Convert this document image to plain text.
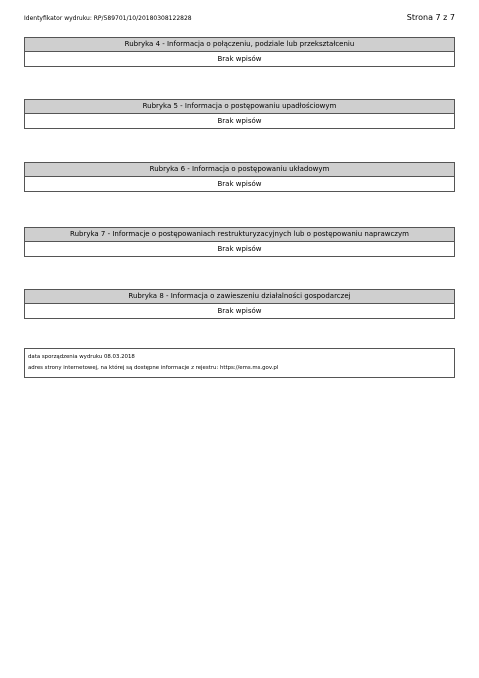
Identyfikator wydruku: RP/589701/10/20180308122828	Strona 7 z 7
Rubryka 4 - Informacja o połączeniu, podziale lub przekształceniu
Brak wpisów
Rubryka 5 - Informacja o postępowaniu upadłościowym
Brak wpisów
Rubryka 6 - Informacja o postępowaniu układowym
Brak wpisów
Rubryka 7 - Informacje o postępowaniach restrukturyzacyjnych lub o postępowaniu naprawczym
Brak wpisów
Rubryka 8 - Informacja o zawieszeniu działalności gospodarczej
Brak wpisów
data sporządzenia wydruku 08.03.2018
adres strony internetowej, na której są dostępne informacje z rejestru: https://ems.ms.gov.pl
